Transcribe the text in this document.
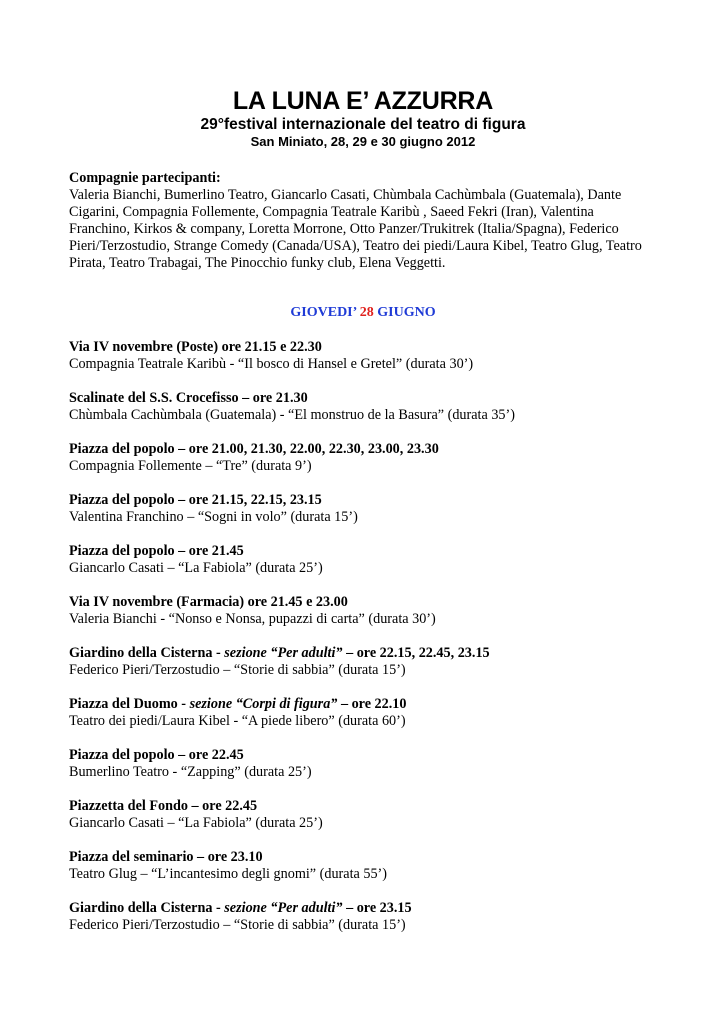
LA LUNA E’ AZZURRA
29°festival internazionale del teatro di figura
San Miniato, 28, 29 e 30 giugno 2012
Compagnie partecipanti:
Valeria Bianchi, Bumerlino Teatro, Giancarlo Casati, Chùmbala Cachùmbala (Guatemala), Dante Cigarini, Compagnia Follemente, Compagnia Teatrale Karibù , Saeed Fekri (Iran), Valentina Franchino, Kirkos & company, Loretta Morrone, Otto Panzer/Trukitrek (Italia/Spagna), Federico Pieri/Terzostudio, Strange Comedy (Canada/USA), Teatro dei piedi/Laura Kibel, Teatro Glug, Teatro Pirata, Teatro Trabagai, The Pinocchio funky club, Elena Veggetti.
GIOVEDI’ 28 GIUGNO
Via IV novembre (Poste) ore 21.15 e 22.30
Compagnia Teatrale Karibù - “Il bosco di Hansel e Gretel” (durata 30’)
Scalinate del S.S. Crocefisso – ore 21.30
Chùmbala Cachùmbala (Guatemala) - “El monstruo de la Basura” (durata 35’)
Piazza del popolo – ore 21.00, 21.30, 22.00, 22.30, 23.00, 23.30
Compagnia Follemente – “Tre” (durata 9’)
Piazza del popolo – ore 21.15, 22.15, 23.15
Valentina Franchino – “Sogni in volo” (durata 15’)
Piazza del popolo – ore 21.45
Giancarlo Casati – “La Fabiola” (durata 25’)
Via IV novembre (Farmacia) ore 21.45 e 23.00
Valeria Bianchi - “Nonso e Nonsa, pupazzi di carta” (durata 30’)
Giardino della Cisterna - sezione “Per adulti” – ore 22.15, 22.45, 23.15
Federico Pieri/Terzostudio – “Storie di sabbia” (durata 15’)
Piazza del Duomo - sezione “Corpi di figura” – ore 22.10
Teatro dei piedi/Laura Kibel - “A piede libero” (durata 60’)
Piazza del popolo – ore 22.45
Bumerlino Teatro - “Zapping” (durata 25’)
Piazzetta del Fondo – ore 22.45
Giancarlo Casati – “La Fabiola” (durata 25’)
Piazza del seminario – ore 23.10
Teatro Glug – “L’incantesimo degli gnomi” (durata 55’)
Giardino della Cisterna - sezione “Per adulti” – ore 23.15
Federico Pieri/Terzostudio – “Storie di sabbia” (durata 15’)
